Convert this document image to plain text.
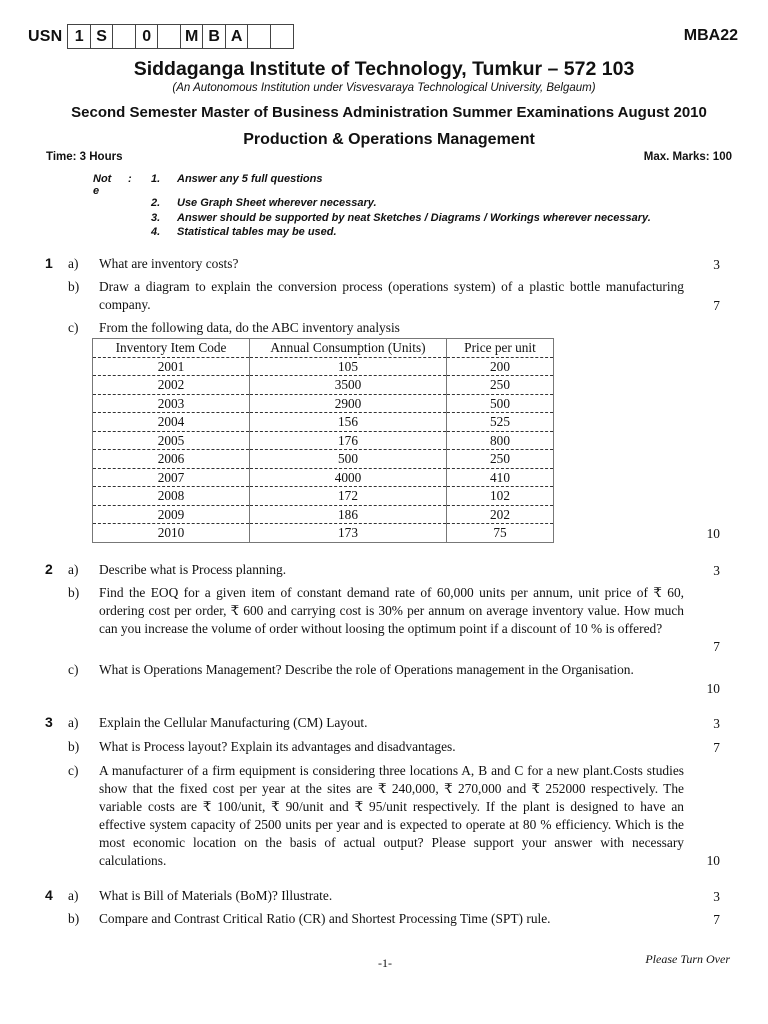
USN 1 S	0	M B A	MBA22
Siddaganga Institute of Technology, Tumkur – 572 103
(An Autonomous Institution under Visvesvaraya Technological University, Belgaum)
Second Semester Master of Business Administration Summer Examinations August 2010
Production & Operations Management
Time: 3 Hours	Max. Marks: 100
Not e
: 1. Answer any 5 full questions
2. Use Graph Sheet wherever necessary.
3. Answer should be supported by neat Sketches / Diagrams / Workings wherever necessary.
4. Statistical tables may be used.
1 a) What are inventory costs?	3
b) Draw a diagram to explain the conversion process (operations system) of a plastic bottle manufacturing company.	7
c) From the following data, do the ABC inventory analysis
10
Inventory Item Code	Annual Consumption (Units)	Price per unit
2001	105	200
2002	3500	250
2003	2900	500
2004	156	525
2005	176	800
2006	500	250
2007	4000	410
2008	172	102
2009	186	202
2010	173	75
2 a) Describe what is Process planning.	3
b) Find the EOQ for a given item of constant demand rate of 60,000 units per annum, unit price of ₹ 60, ordering cost per order, ₹ 600 and carrying cost is 30% per annum on average inventory value. How much can you increase the volume of order without loosing the optimum point if a discount of 10 % is offered?
7
c) What is Operations Management? Describe the role of Operations management in the Organisation.
10
3 a) Explain the Cellular Manufacturing (CM) Layout.	3
b) What is Process layout? Explain its advantages and disadvantages.	7
c) A manufacturer of a firm equipment is considering three locations A, B and C for a new plant.Costs studies show that the fixed cost per year at the sites are ₹ 240,000, ₹ 270,000 and ₹ 252000 respectively. The variable costs are ₹ 100/unit, ₹ 90/unit and ₹ 95/unit respectively. If the plant is designed to have an effective system capacity of 2500 units per year and is expected to operate at 80 % efficiency. Which is the most economic location on the basis of actual output? Please support your answer with necessary calculations.	10
4 a) What is Bill of Materials (BoM)? Illustrate.	3
b) Compare and Contrast Critical Ratio (CR) and Shortest Processing Time (SPT) rule.	7
-1-	Please Turn Over
